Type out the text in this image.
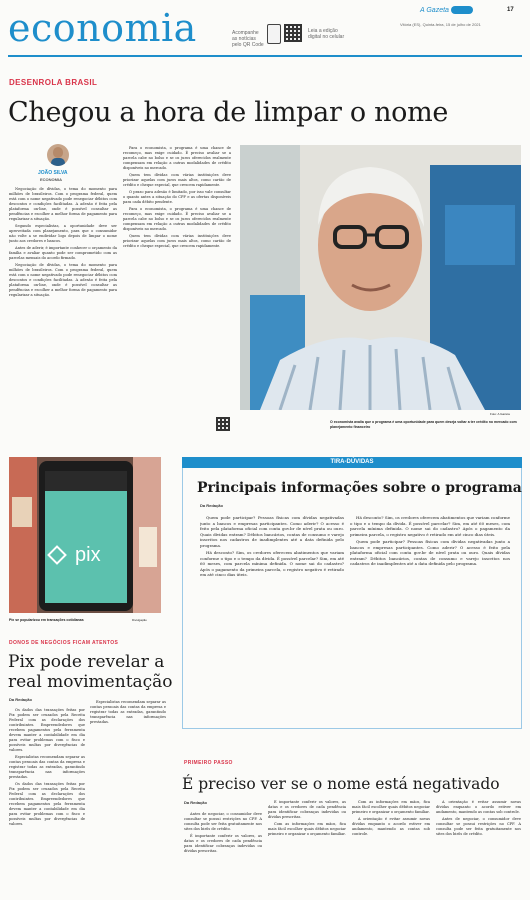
economia	Acompanhe as notícias pelo QR Code
Leia a edição digital no celular
A Gazeta	17
Vitória (ES), Quinta-feira, 15 de julho de 2021
DESENROLA BRASIL
Chegou a hora de limpar o nome
JOÃO SILVA
ECONOMIA

Negociação de dívidas, o tema do momento para milhões de brasileiros. Com o programa federal, quem está com o nome negativado pode renegociar débitos com descontos e condições facilitadas. A adesão é feita pela plataforma on-line, onde é possível consultar as pendências e escolher a melhor forma de pagamento para regularizar a situação.

Segundo especialistas, a oportunidade deve ser aproveitada com planejamento, para que o consumidor não volte a se endividar logo depois de limpar o nome junto aos credores e bancos.

Antes de aderir, é importante conhecer o orçamento da família e avaliar quanto pode ser comprometido com as parcelas mensais do acordo firmado.

Negociação de dívidas, o tema do momento para milhões de brasileiros. Com o programa federal, quem está com o nome negativado pode renegociar débitos com descontos e condições facilitadas. A adesão é feita pela plataforma on-line, onde é possível consultar as pendências e escolher a melhor forma de pagamento para regularizar a situação.

Para o economista, o programa é uma chance de recomeço, mas exige cuidado. É preciso avaliar se a parcela cabe no bolso e se os juros oferecidos realmente compensam em relação a outras modalidades de crédito disponíveis no mercado.

Quem tem dívidas com várias instituições deve priorizar aquelas com juros mais altos, como cartão de crédito e cheque especial, que crescem rapidamente.

O prazo para adesão é limitado, por isso vale consultar o quanto antes a situação do CPF e as ofertas disponíveis para cada débito pendente.

Para o economista, o programa é uma chance de recomeço, mas exige cuidado. É preciso avaliar se a parcela cabe no bolso e se os juros oferecidos realmente compensam em relação a outras modalidades de crédito disponíveis no mercado.

Quem tem dívidas com várias instituições deve priorizar aquelas com juros mais altos, como cartão de crédito e cheque especial, que crescem rapidamente.

Foto: A Gazeta
O economista avalia que o programa é uma oportunidade para quem deseja voltar a ter crédito no mercado com planejamento financeiro
pix
Pix se popularizou em transações cotidianas	Divulgação
DONOS DE NEGÓCIOS FICAM ATENTOS
Pix pode revelar a real movimentação
Da Redação

Os dados das transações feitas por Pix podem ser cruzados pela Receita Federal com as declarações dos contribuintes. Empreendedores que recebem pagamentos pela ferramenta devem manter a contabilidade em dia para evitar problemas com o fisco e possíveis multas por divergências de valores.

Especialistas recomendam separar as contas pessoais das contas da empresa e registrar todas as entradas, garantindo transparência nas informações prestadas.

Os dados das transações feitas por Pix podem ser cruzados pela Receita Federal com as declarações dos contribuintes. Empreendedores que recebem pagamentos pela ferramenta devem manter a contabilidade em dia para evitar problemas com o fisco e possíveis multas por divergências de valores.

Especialistas recomendam separar as contas pessoais das contas da empresa e registrar todas as entradas, garantindo transparência nas informações prestadas.

TIRA-DÚVIDAS
Principais informações sobre o programa
Da Redação

Quem pode participar? Pessoas físicas com dívidas negativadas junto a bancos e empresas participantes. Como aderir? O acesso é feito pela plataforma oficial com conta gov.br de nível prata ou ouro. Quais dívidas entram? Débitos bancários, contas de consumo e varejo inscritos nos cadastros de inadimplentes até a data definida pelo programa.

Há desconto? Sim, os credores oferecem abatimentos que variam conforme o tipo e o tempo da dívida. É possível parcelar? Sim, em até 60 meses, com parcela mínima definida. O nome sai do cadastro? Após o pagamento da primeira parcela, o registro negativo é retirado em até cinco dias úteis.

Há desconto? Sim, os credores oferecem abatimentos que variam conforme o tipo e o tempo da dívida. É possível parcelar? Sim, em até 60 meses, com parcela mínima definida. O nome sai do cadastro? Após o pagamento da primeira parcela, o registro negativo é retirado em até cinco dias úteis.

Quem pode participar? Pessoas físicas com dívidas negativadas junto a bancos e empresas participantes. Como aderir? O acesso é feito pela plataforma oficial com conta gov.br de nível prata ou ouro. Quais dívidas entram? Débitos bancários, contas de consumo e varejo inscritos nos cadastros de inadimplentes até a data definida pelo programa.

PRIMEIRO PASSO
É preciso ver se o nome está negativado
Da Redação

Antes de negociar, o consumidor deve consultar se possui restrições no CPF. A consulta pode ser feita gratuitamente nos sites dos birôs de crédito.

É importante conferir os valores, as datas e os credores de cada pendência para identificar cobranças indevidas ou dívidas prescritas.

É importante conferir os valores, as datas e os credores de cada pendência para identificar cobranças indevidas ou dívidas prescritas.

Com as informações em mãos, fica mais fácil escolher quais débitos negociar primeiro e organizar o orçamento familiar.

Com as informações em mãos, fica mais fácil escolher quais débitos negociar primeiro e organizar o orçamento familiar.

A orientação é evitar assumir novas dívidas enquanto o acordo estiver em andamento, mantendo as contas sob controle.

A orientação é evitar assumir novas dívidas enquanto o acordo estiver em andamento, mantendo as contas sob controle.

Antes de negociar, o consumidor deve consultar se possui restrições no CPF. A consulta pode ser feita gratuitamente nos sites dos birôs de crédito.
